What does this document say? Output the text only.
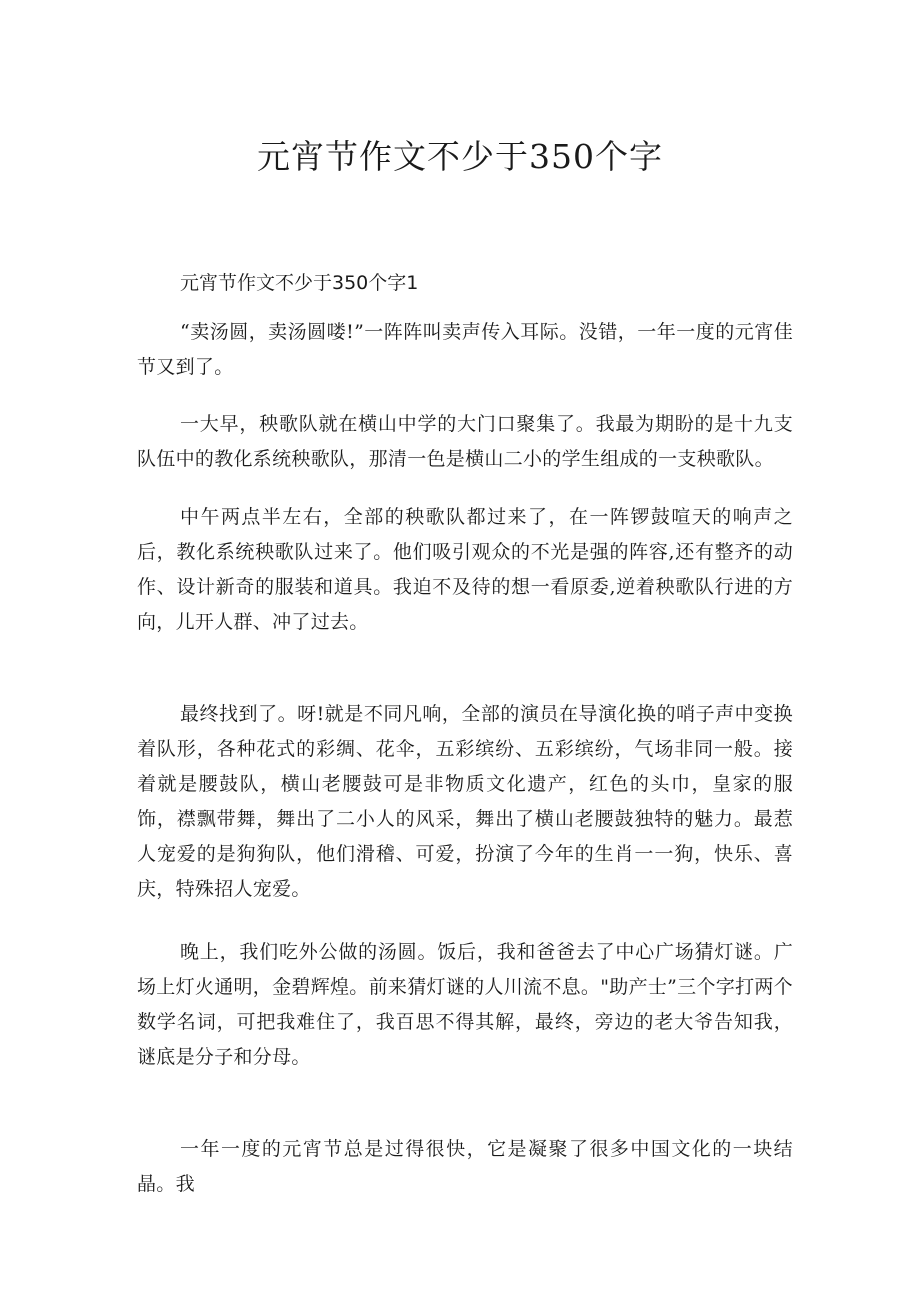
元宵节作文不少于350个字
元宵节作文不少于350个字1

“卖汤圆，卖汤圆喽!”一阵阵叫卖声传入耳际。没错，一年一度的元宵佳节又到了。

一大早，秧歌队就在横山中学的大门口聚集了。我最为期盼的是十九支队伍中的教化系统秧歌队，那清一色是横山二小的学生组成的一支秧歌队。

中午两点半左右，全部的秧歌队都过来了，在一阵锣鼓喧天的响声之后，教化系统秧歌队过来了。他们吸引观众的不光是强的阵容,还有整齐的动作、设计新奇的服装和道具。我迫不及待的想一看原委,逆着秧歌队行进的方向，儿开人群、冲了过去。

最终找到了。呀!就是不同凡响，全部的演员在导演化换的哨子声中变换着队形，各种花式的彩绸、花伞，五彩缤纷、五彩缤纷，气场非同一般。接着就是腰鼓队，横山老腰鼓可是非物质文化遗产，红色的头巾，皇家的服饰，襟飘带舞，舞出了二小人的风采，舞出了横山老腰鼓独特的魅力。最惹人宠爱的是狗狗队，他们滑稽、可爱，扮演了今年的生肖一一狗，快乐、喜庆，特殊招人宠爱。

晚上，我们吃外公做的汤圆。饭后，我和爸爸去了中心广场猜灯谜。广场上灯火通明，金碧辉煌。前来猜灯谜的人川流不息。"助产士”三个字打两个数学名词，可把我难住了，我百思不得其解，最终，旁边的老大爷告知我，谜底是分子和分母。

一年一度的元宵节总是过得很快，它是凝聚了很多中国文化的一块结晶。我
